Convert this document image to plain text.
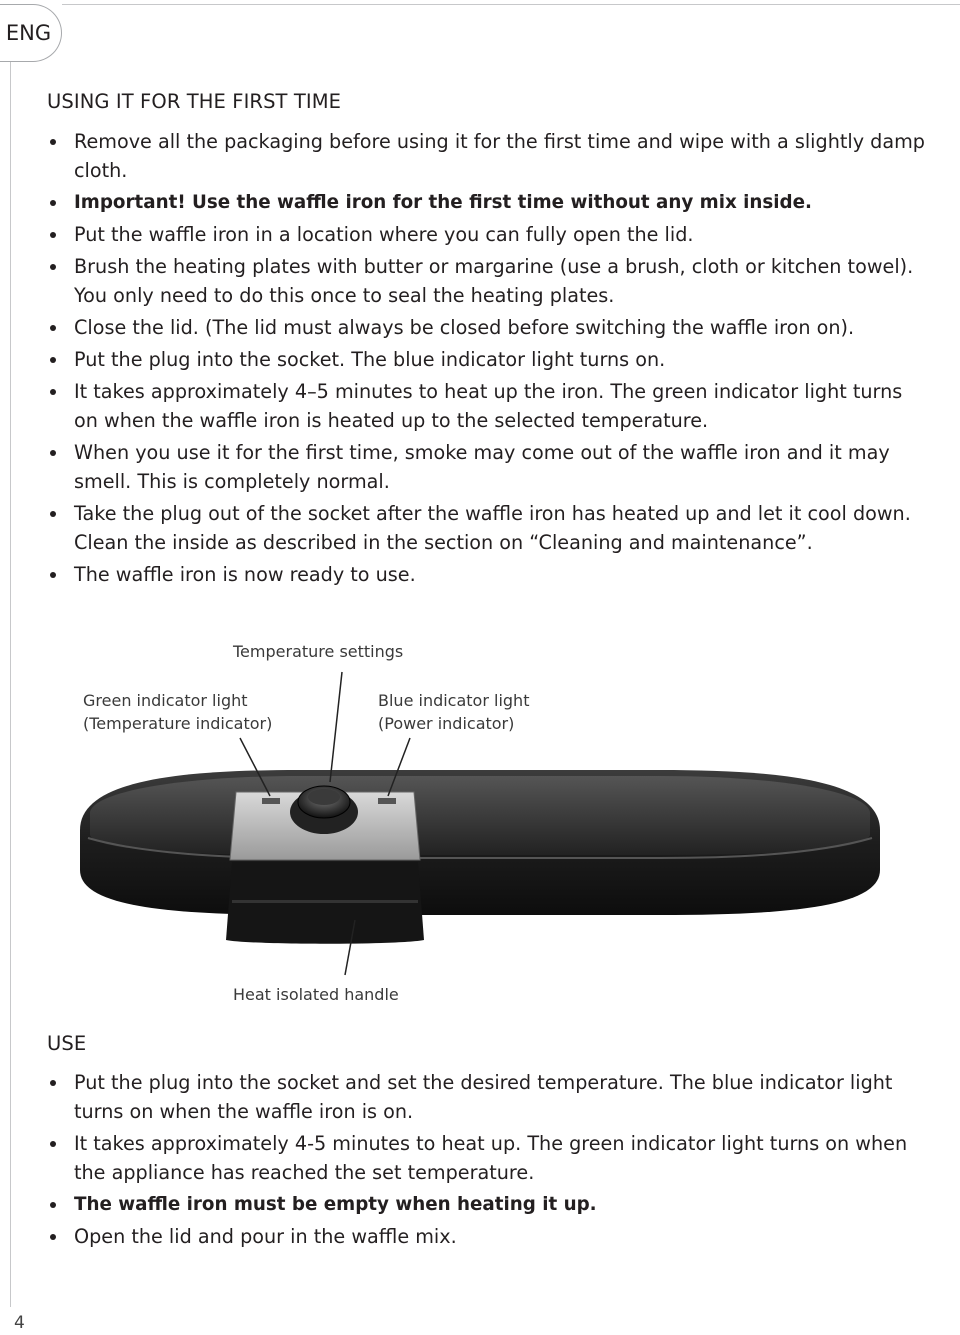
ENG
USING IT FOR THE FIRST TIME
Remove all the packaging before using it for the first time and wipe with a slightly damp cloth.
Important! Use the waffle iron for the first time without any mix inside.
Put the waffle iron in a location where you can fully open the lid.
Brush the heating plates with butter or margarine (use a brush, cloth or kitchen towel). You only need to do this once to seal the heating plates.
Close the lid. (The lid must always be closed before switching the waffle iron on).
Put the plug into the socket. The blue indicator light turns on.
It takes approximately 4–5 minutes to heat up the iron. The green indicator light turns on when the waffle iron is heated up to the selected temperature.
When you use it for the first time, smoke may come out of the waffle iron and it may smell. This is completely normal.
Take the plug out of the socket after the waffle iron has heated up and let it cool down. Clean the inside as described in the section on “Cleaning and maintenance”.
The waffle iron is now ready to use.
Temperature settings
Green indicator light
(Temperature indicator)
Blue indicator light
(Power indicator)
Heat isolated handle
USE
Put the plug into the socket and set the desired temperature. The blue indicator light turns on when the waffle iron is on.
It takes approximately 4-5 minutes to heat up. The green indicator light turns on when the appliance has reached the set temperature.
The waffle iron must be empty when heating it up.
Open the lid and pour in the waffle mix.
4
